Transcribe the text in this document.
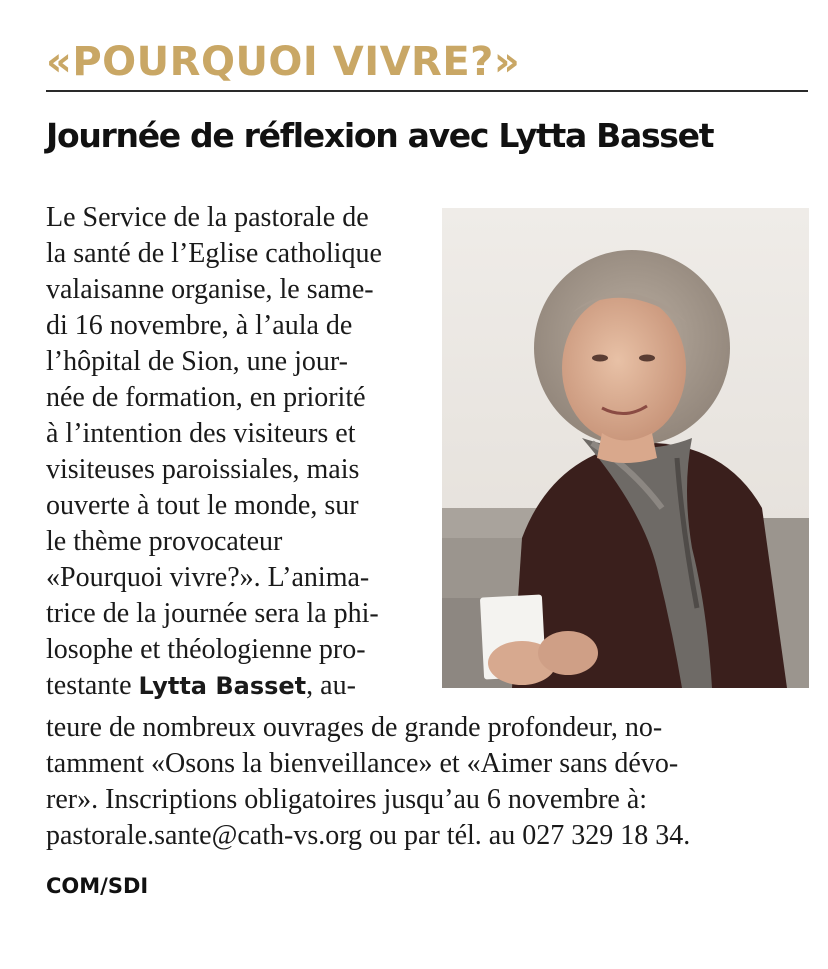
«POURQUOI VIVRE?»
Journée de réflexion avec Lytta Basset
Le Service de la pastorale de
la santé de l’Eglise catholique
valaisanne organise, le same-
di 16 novembre, à l’aula de
l’hôpital de Sion, une jour-
née de formation, en priorité
à l’intention des visiteurs et
visiteuses paroissiales, mais
ouverte à tout le monde, sur
le thème provocateur
«Pourquoi vivre?». L’anima-
trice de la journée sera la phi-
losophe et théologienne pro-
testante Lytta Basset, au-
teure de nombreux ouvrages de grande profondeur, no-
tamment «Osons la bienveillance» et «Aimer sans dévo-
rer». Inscriptions obligatoires jusqu’au 6 novembre à:
pastorale.sante@cath-vs.org ou par tél. au 027 329 18 34.
COM/SDI
